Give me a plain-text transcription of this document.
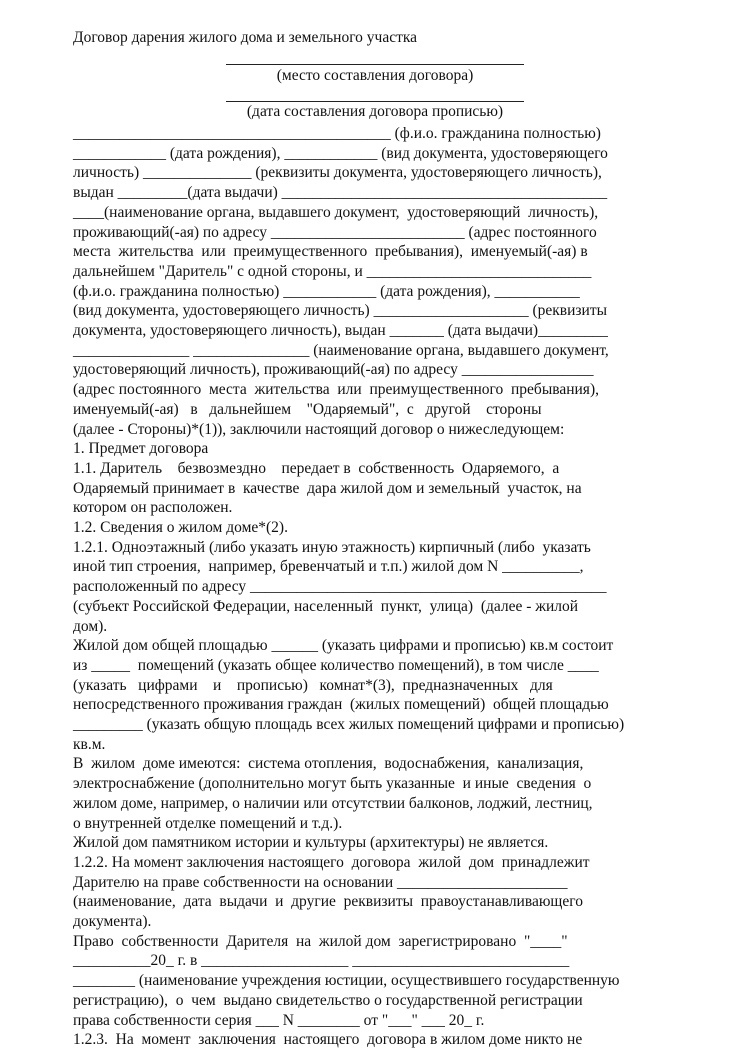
Договор дарения жилого дома и земельного участка
(место составления договора)
(дата составления договора прописью)
_________________________________________ (ф.и.о. гражданина полностью)
____________ (дата рождения), ____________ (вид документа, удостоверяющего
личность) ______________ (реквизиты документа, удостоверяющего личность),
выдан _________(дата выдачи) __________________________________________
____(наименование органа, выдавшего документ,  удостоверяющий  личность),
проживающий(-ая) по адресу _________________________ (адрес постоянного
места  жительства  или  преимущественного  пребывания),  именуемый(-ая) в
дальнейшем "Даритель" с одной стороны, и _____________________________
(ф.и.о. гражданина полностью) ____________ (дата рождения), ___________
(вид документа, удостоверяющего личность) ____________________ (реквизиты
документа, удостоверяющего личность), выдан _______ (дата выдачи)_________
_______________ _______________ (наименование органа, выдавшего документ,
удостоверяющий личность), проживающий(-ая) по адресу _________________
(адрес постоянного  места  жительства  или  преимущественного  пребывания),
именуемый(-ая)   в   дальнейшем    "Одаряемый",  с   другой    стороны
(далее - Стороны)*(1)), заключили настоящий договор о нижеследующем:
1. Предмет договора
1.1. Даритель    безвозмездно    передает в  собственность  Одаряемого,  а
Одаряемый принимает в  качестве  дара жилой дом и земельный  участок, на
котором он расположен.
1.2. Сведения о жилом доме*(2).
1.2.1. Одноэтажный (либо указать иную этажность) кирпичный (либо  указать
иной тип строения,  например, бревенчатый и т.п.) жилой дом N __________,
расположенный по адресу ______________________________________________
(субъект Российской Федерации, населенный  пункт,  улица)  (далее - жилой
дом).
Жилой дом общей площадью ______ (указать цифрами и прописью) кв.м состоит
из _____  помещений (указать общее количество помещений), в том числе ____
(указать   цифрами    и    прописью)   комнат*(3),  предназначенных   для
непосредственного проживания граждан  (жилых помещений)  общей площадью
_________ (указать общую площадь всех жилых помещений цифрами и прописью)
кв.м.
В  жилом  доме имеются:  система отопления,  водоснабжения,  канализация,
электроснабжение (дополнительно могут быть указанные  и иные  сведения  о
жилом доме, например, о наличии или отсутствии балконов, лоджий, лестниц,
о внутренней отделке помещений и т.д.).
Жилой дом памятником истории и культуры (архитектуры) не является.
1.2.2. На момент заключения настоящего  договора  жилой  дом  принадлежит
Дарителю на праве собственности на основании ______________________
(наименование,  дата  выдачи  и  другие  реквизиты  правоустанавливающего
документа).
Право  собственности  Дарителя  на  жилой дом  зарегистрировано  "____"
__________20_ г. в ___________________ ____________________________
________ (наименование учреждения юстиции, осуществившего государственную
регистрацию),  о  чем  выдано свидетельство о государственной регистрации
права собственности серия ___ N ________ от "___" ___ 20_ г.
1.2.3.  На  момент  заключения  настоящего  договора в жилом доме никто не
